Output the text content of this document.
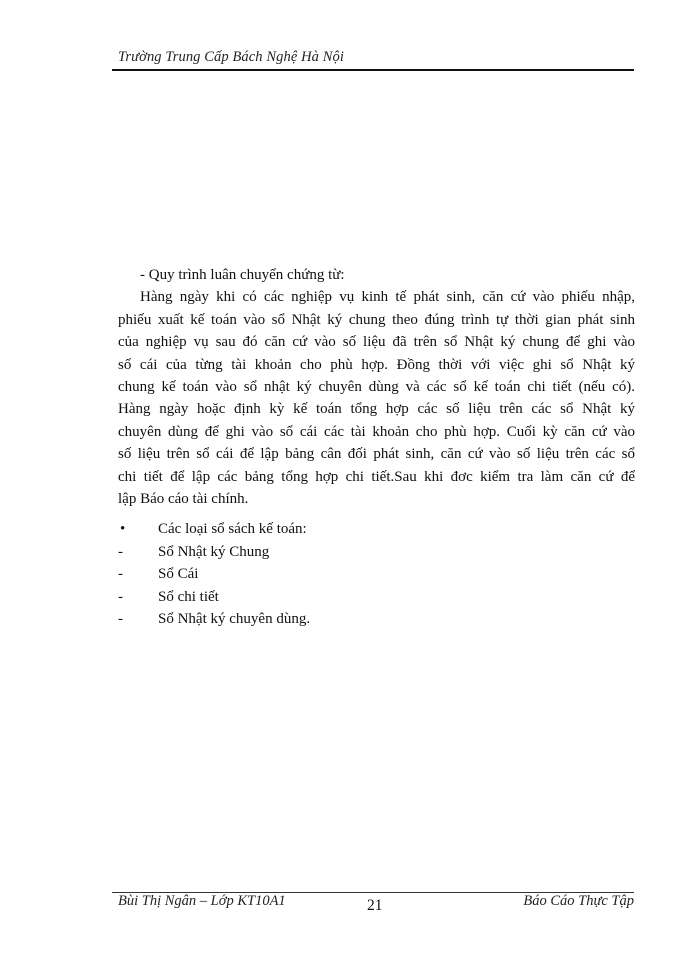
Trường Trung Cấp Bách Nghệ Hà Nội
- Quy trình luân chuyển chứng từ:
Hàng ngày khi có các nghiệp vụ kinh tế phát sinh, căn cứ vào phiếu nhập,
phiếu xuất kế toán vào sổ Nhật ký chung theo đúng trình tự thời gian phát sinh
của nghiệp vụ sau đó căn cứ vào số liệu đã trên sổ Nhật ký chung để ghi vào
sổ cái của từng tài khoản cho phù hợp. Đồng thời với việc ghi sổ Nhật ký
chung kế toán vào sổ nhật ký chuyên dùng và các sổ kế toán chi tiết (nếu có).
Hàng ngày hoặc định kỳ kế toán tổng hợp các số liệu trên các sổ Nhật ký
chuyên dùng để ghi vào sổ cái các tài khoản cho phù hợp. Cuối kỳ căn cứ vào
số liệu trên sổ cái để lập bảng cân đối phát sinh, căn cứ vào số liệu trên các sổ
chi tiết để lập các bảng tổng hợp chi tiết.Sau khi đơc kiểm tra làm căn cứ để
lập Báo cáo tài chính.
• Các loại sổ sách kế toán:
- Sổ Nhật ký Chung
- Sổ Cái
- Sổ chi tiết
- Sổ Nhật ký chuyên dùng.
Bùi Thị Ngân – Lớp KT10A1	21	Báo Cáo Thực Tập
